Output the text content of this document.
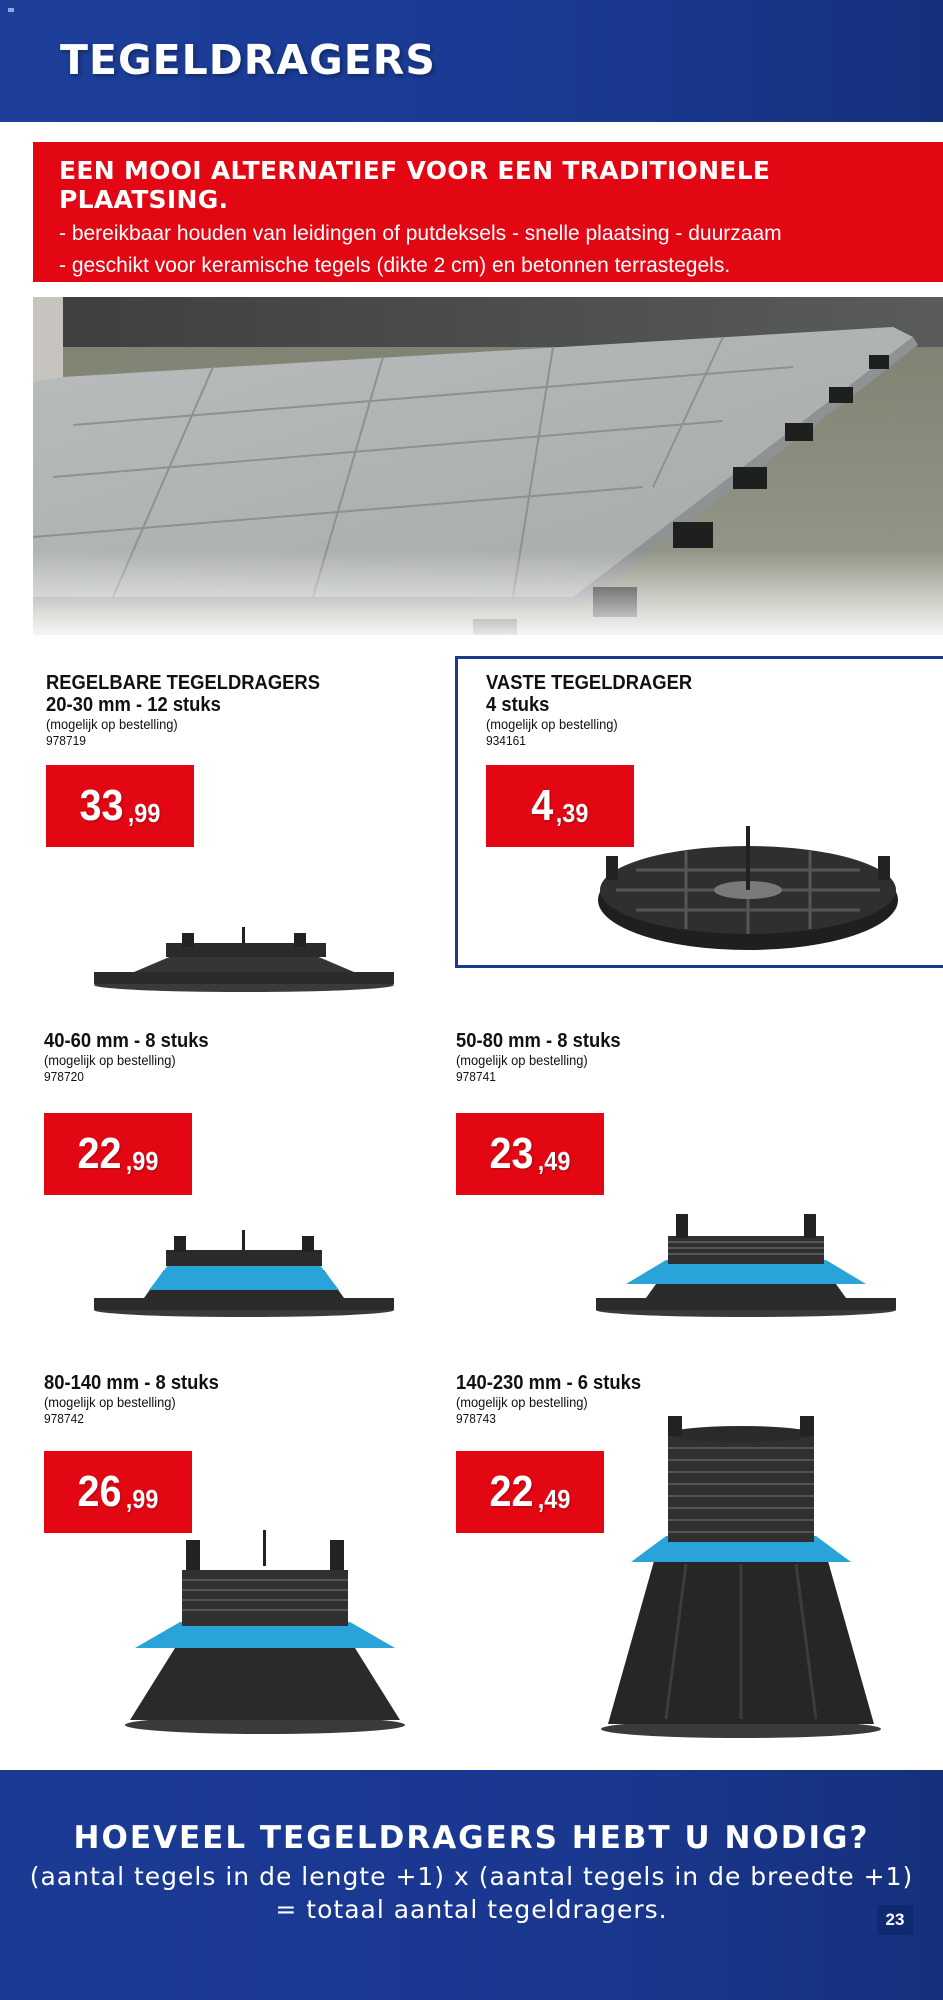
TEGELDRAGERS
EEN MOOI ALTERNATIEF VOOR EEN TRADITIONELE PLAATSING.
- bereikbaar houden van leidingen of putdeksels - snelle plaatsing - duurzaam
- geschikt voor keramische tegels (dikte 2 cm) en betonnen terrastegels.
REGELBARE TEGELDRAGERS
20-30 mm - 12 stuks
(mogelijk op bestelling)
978719
33 ,99
VASTE TEGELDRAGER
4 stuks
(mogelijk op bestelling)
934161
4 ,39
40-60 mm - 8 stuks
(mogelijk op bestelling)
978720
22 ,99
50-80 mm - 8 stuks
(mogelijk op bestelling)
978741
23 ,49
80-140 mm - 8 stuks
(mogelijk op bestelling)
978742
26 ,99
140-230 mm - 6 stuks
(mogelijk op bestelling)
978743
22 ,49
HOEVEEL TEGELDRAGERS HEBT U NODIG?
(aantal tegels in de lengte +1) x (aantal tegels in de breedte +1)
= totaal aantal tegeldragers.	23
